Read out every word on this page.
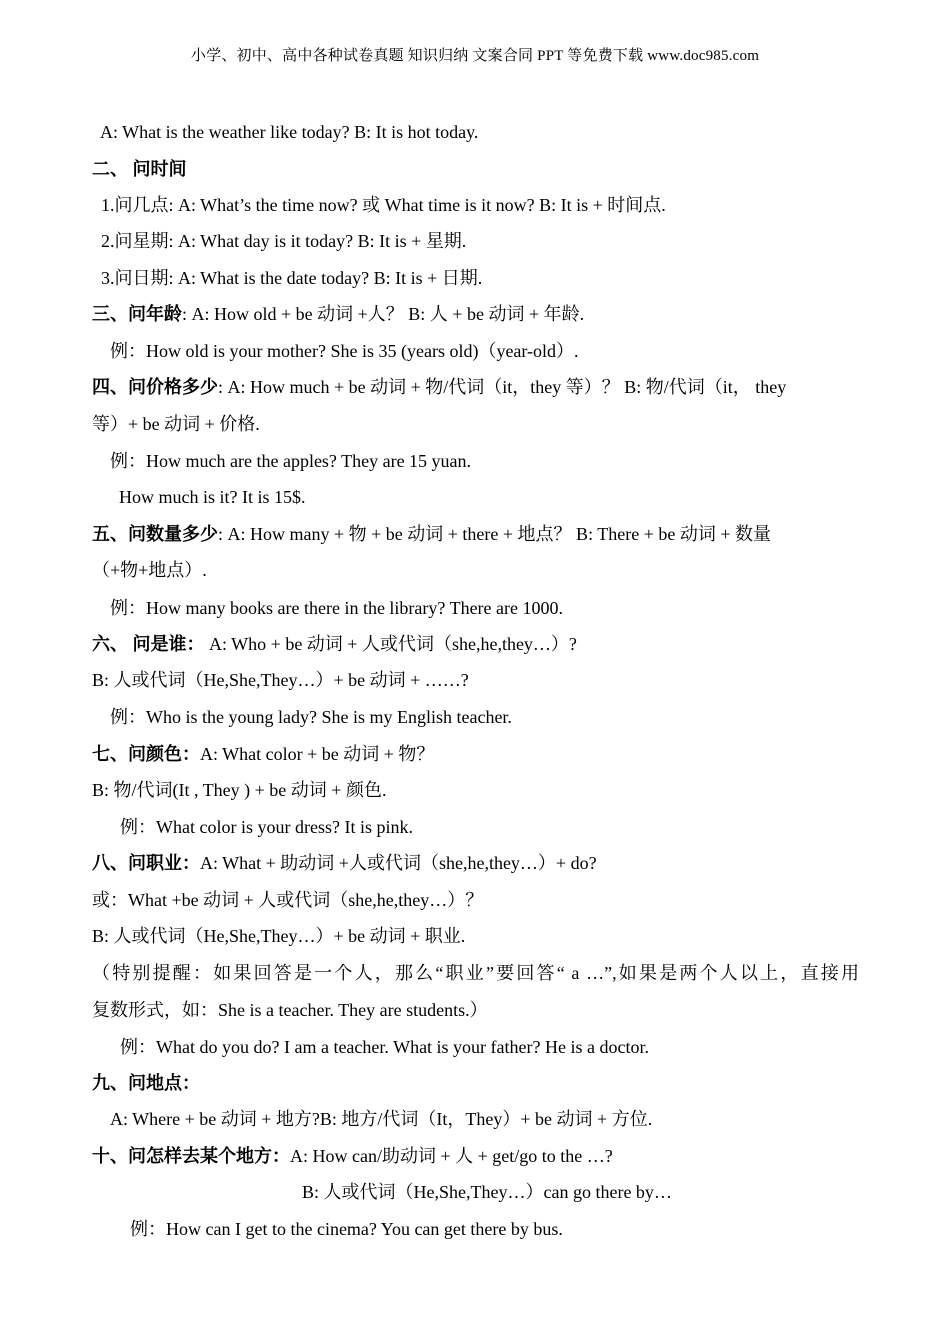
小学、初中、高中各种试卷真题 知识归纳 文案合同 PPT 等免费下载 www.doc985.com
A: What is the weather like today? B: It is hot today.
二、 问时间
1.问几点: A: What’s the time now? 或 What time is it now? B: It is + 时间点.
2.问星期: A: What day is it today? B: It is + 星期.
3.问日期: A: What is the date today? B: It is + 日期.
三、问年龄: A: How old + be 动词 +人？ B: 人 + be 动词 + 年龄.
例：How old is your mother? She is 35 (years old)（year-old）.
四、问价格多少: A: How much + be 动词 + 物/代词（it，they 等）？ B: 物/代词（it， they
等）+ be 动词 + 价格.
例：How much are the apples? They are 15 yuan.
How much is it? It is 15$.
五、问数量多少: A: How many + 物 + be 动词 + there + 地点？ B: There + be 动词 + 数量
（+物+地点）.
例：How many books are there in the library? There are 1000.
六、 问是谁： A: Who + be 动词 + 人或代词（she,he,they…）?
B: 人或代词（He,She,They…）+ be 动词 + ……?
例：Who is the young lady? She is my English teacher.
七、问颜色：A: What color + be 动词 + 物？
B: 物/代词(It , They ) + be 动词 + 颜色.
例：What color is your dress? It is pink.
八、问职业：A: What + 助动词 +人或代词（she,he,they…）+ do?
或：What +be 动词 + 人或代词（she,he,they…）？
B: 人或代词（He,She,They…）+ be 动词 + 职业.
（特别提醒：如果回答是一个人，那么“职业”要回答“ a …”,如果是两个人以上，直接用
复数形式，如：She is a teacher. They are students.）
例：What do you do? I am a teacher. What is your father? He is a doctor.
九、问地点：
A: Where + be 动词 + 地方?B: 地方/代词（It，They）+ be 动词 + 方位.
十、问怎样去某个地方：A: How can/助动词 + 人 + get/go to the …?
B: 人或代词（He,She,They…）can go there by…
例：How can I get to the cinema? You can get there by bus.
